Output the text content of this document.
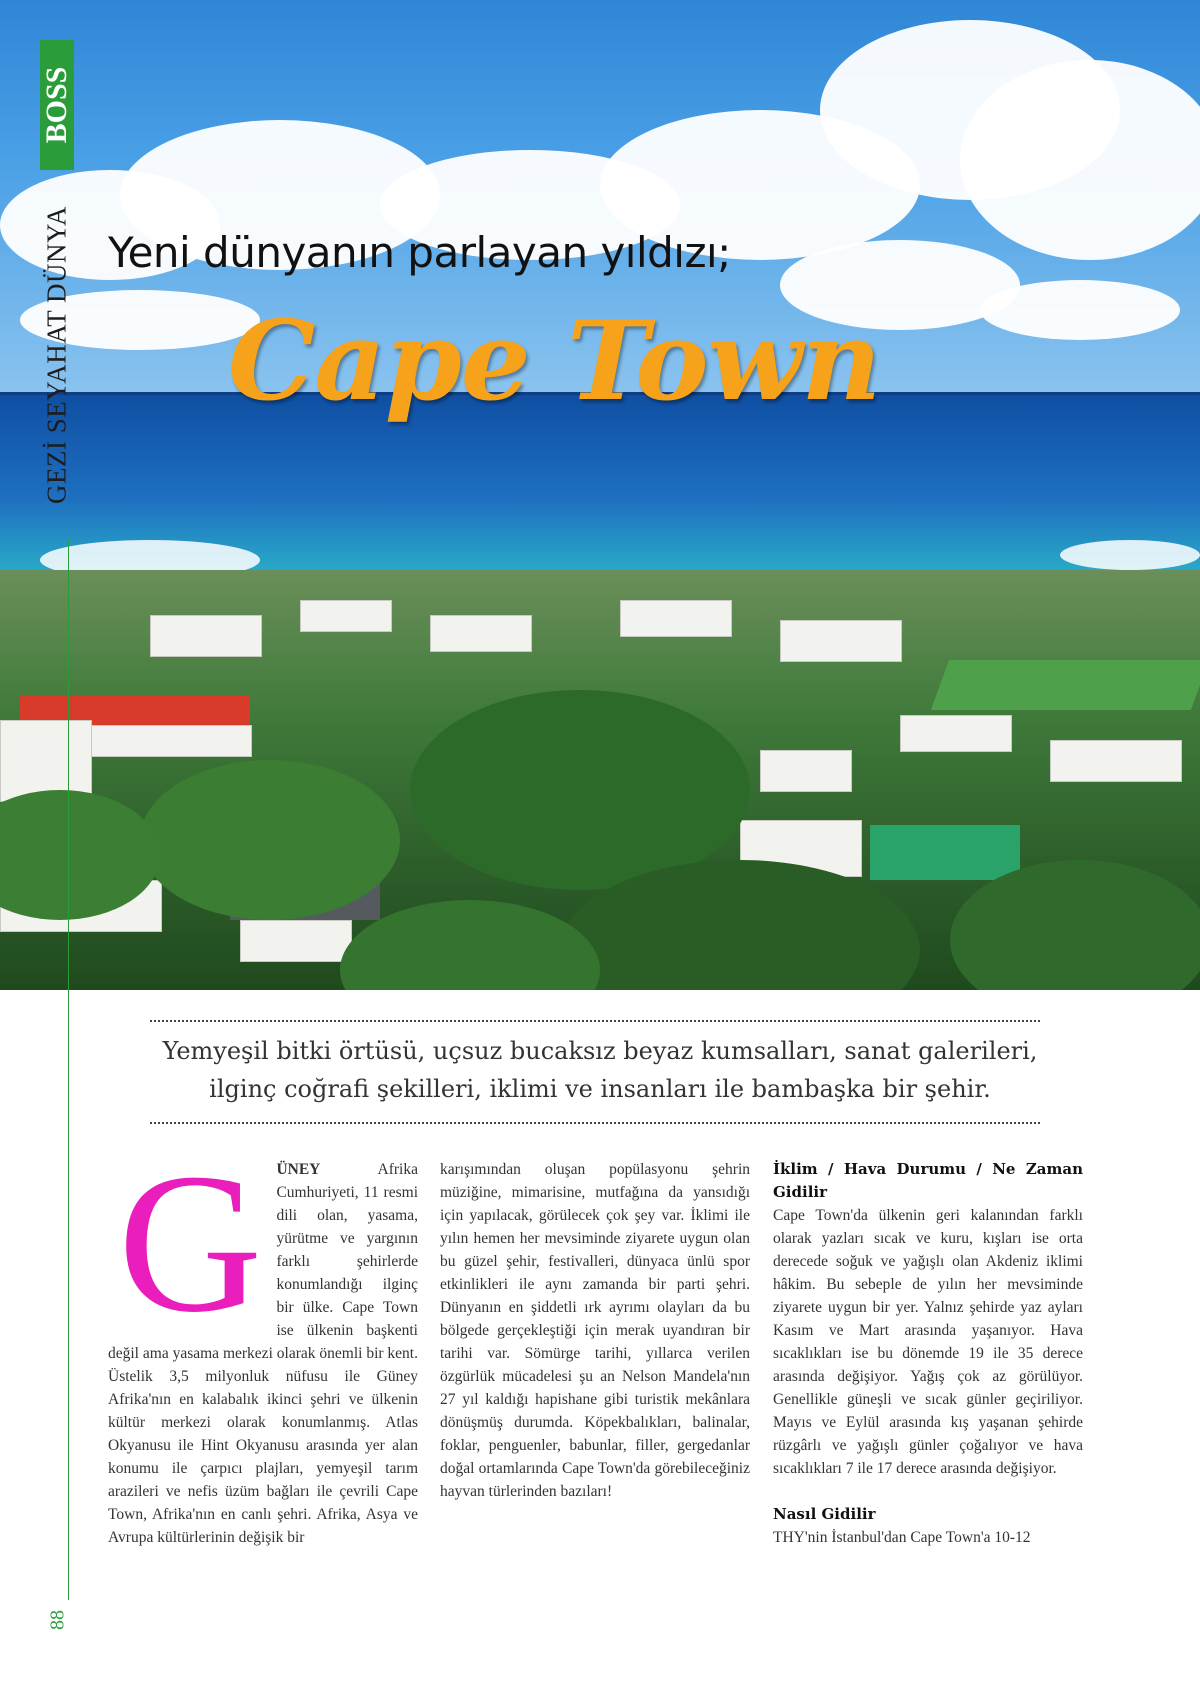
BOSS
GEZİ SEYAHAT DÜNYA
88
Yeni dünyanın parlayan yıldızı;
Cape Town
Yemyeşil bitki örtüsü, uçsuz bucaksız beyaz kumsalları, sanat galerileri,
ilginç coğrafi şekilleri, iklimi ve insanları ile bambaşka bir şehir.
G ÜNEY Afrika Cumhuriyeti, 11 resmi dili olan, yasama, yürütme ve yargının farklı şehirlerde konumlandığı ilginç bir ülke. Cape Town ise ülkenin başkenti değil ama yasama merkezi olarak önemli bir kent. Üstelik 3,5 milyonluk nüfusu ile Güney Afrika'nın en kalabalık ikinci şehri ve ülkenin kültür merkezi olarak konumlanmış. Atlas Okyanusu ile Hint Okyanusu arasında yer alan konumu ile çarpıcı plajları, yemyeşil tarım arazileri ve nefis üzüm bağları ile çevrili Cape Town, Afrika'nın en canlı şehri. Afrika, Asya ve Avrupa kültürlerinin değişik bir

karışımından oluşan popülasyonu şehrin müziğine, mimarisine, mutfağına da yansıdığı için yapılacak, görülecek çok şey var. İklimi ile yılın hemen her mevsiminde ziyarete uygun olan bu güzel şehir, festivalleri, dünyaca ünlü spor etkinlikleri ile aynı zamanda bir parti şehri. Dünyanın en şiddetli ırk ayrımı olayları da bu bölgede gerçekleştiği için merak uyandıran bir tarihi var. Sömürge tarihi, yıllarca verilen özgürlük mücadelesi şu an Nelson Mandela'nın 27 yıl kaldığı hapishane gibi turistik mekânlara dönüşmüş durumda. Köpekbalıkları, balinalar, foklar, penguenler, babunlar, filler, gergedanlar doğal ortamlarında Cape Town'da görebileceğiniz hayvan türlerinden bazıları!

İklim / Hava Durumu / Ne Zaman Gidilir

Cape Town'da ülkenin geri kalanından farklı olarak yazları sıcak ve kuru, kışları ise orta derecede soğuk ve yağışlı olan Akdeniz iklimi hâkim. Bu sebeple de yılın her mevsiminde ziyarete uygun bir yer. Yalnız şehirde yaz ayları Kasım ve Mart arasında yaşanıyor. Hava sıcaklıkları ise bu dönemde 19 ile 35 derece arasında değişiyor. Yağış çok az görülüyor. Genellikle güneşli ve sıcak günler geçiriliyor. Mayıs ve Eylül arasında kış yaşanan şehirde rüzgârlı ve yağışlı günler çoğalıyor ve hava sıcaklıkları 7 ile 17 derece arasında değişiyor.

Nasıl Gidilir

THY'nin İstanbul'dan Cape Town'a 10-12
